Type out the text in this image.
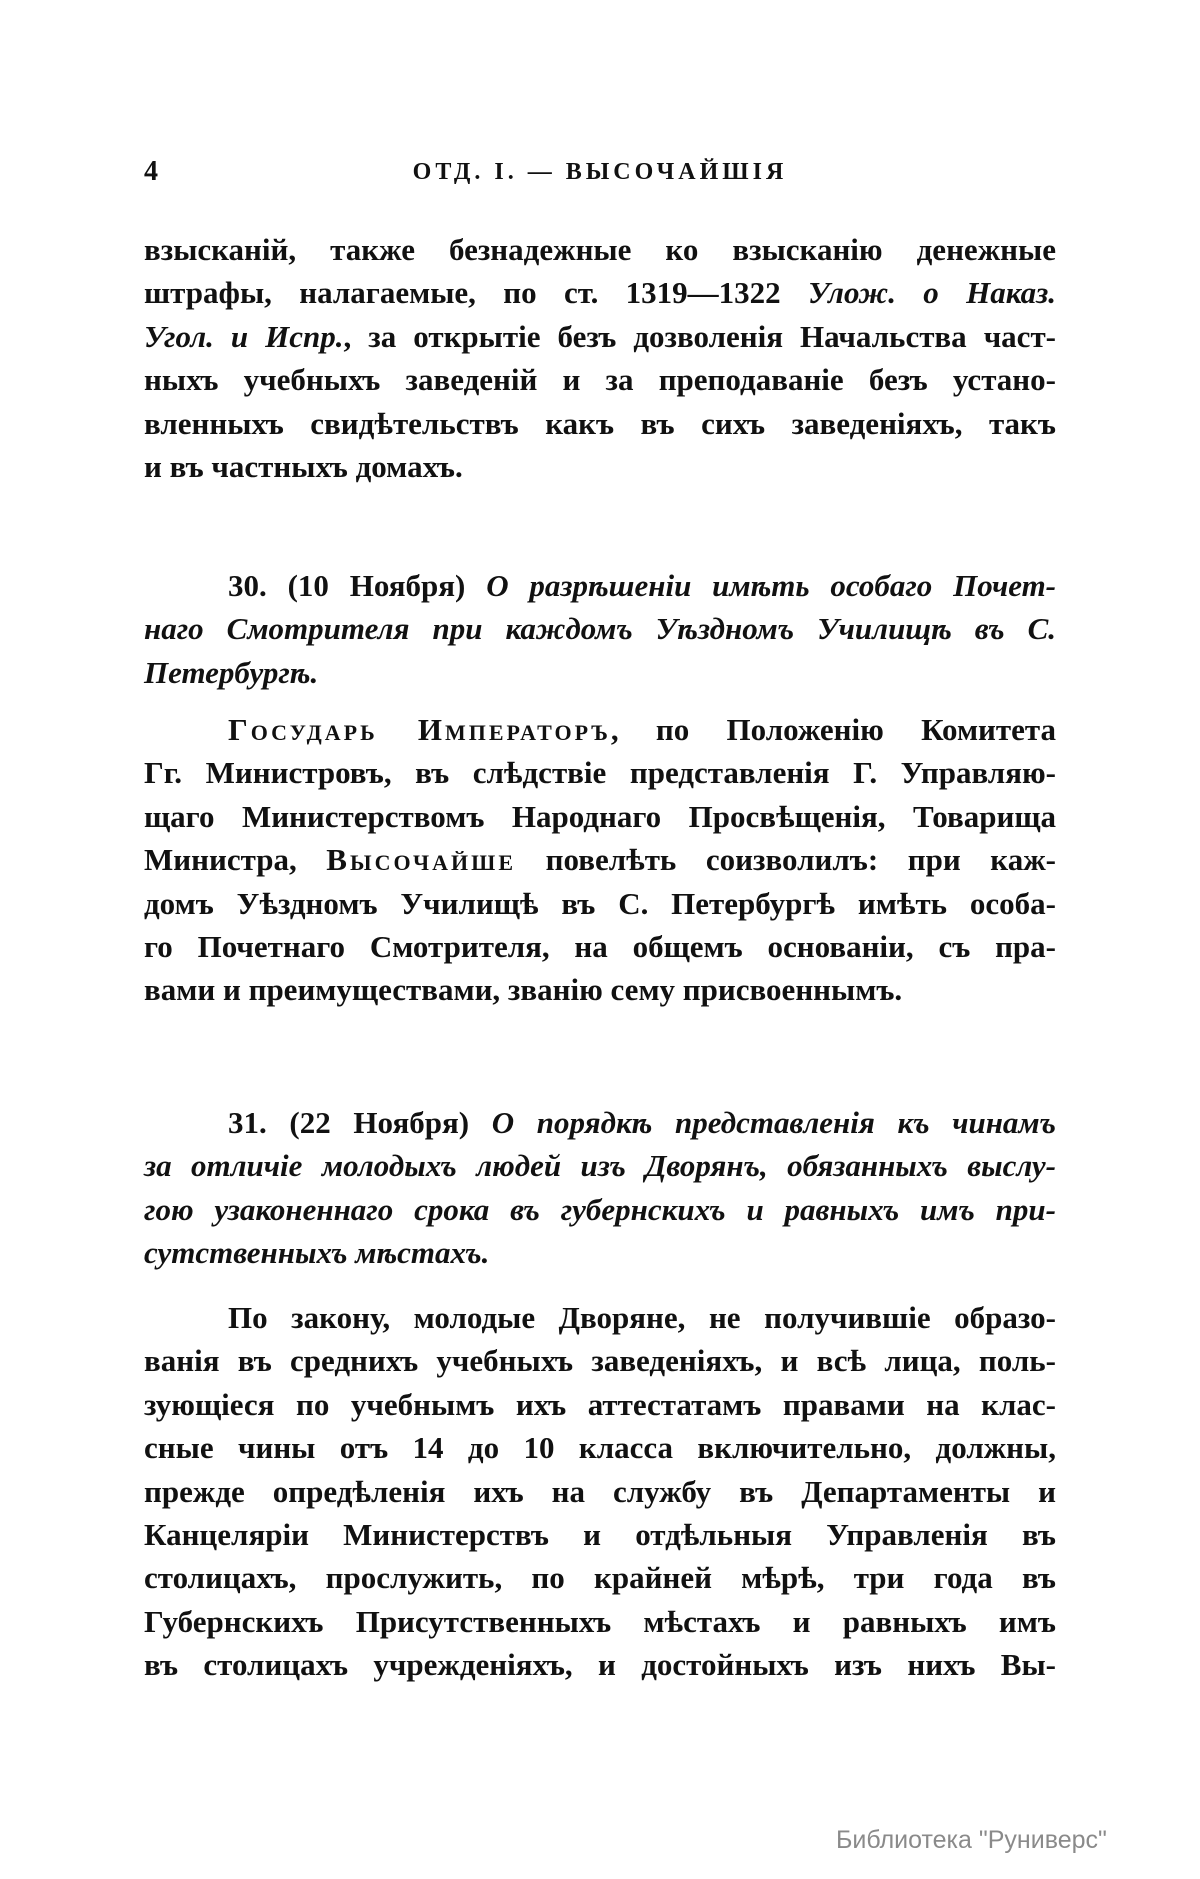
4	ОТД. I. — ВЫСОЧАЙШІЯ
взысканій, также безнадежные ко взысканію денежные
штрафы, налагаемые, по ст. 1319—1322 Улож. о Наказ.
Угол. и Испр., за открытіе безъ дозволенія Начальства част-
ныхъ учебныхъ заведеній и за преподаваніе безъ устано-
вленныхъ свидѣтельствъ какъ въ сихъ заведеніяхъ, такъ
и въ частныхъ домахъ.
30. (10 Ноября) О разрѣшеніи имѣть особаго Почет-
наго Смотрителя при каждомъ Уѣздномъ Училищѣ въ С.
Петербургѣ.
Государь Императоръ, по Положенію Комитета
Гг. Министровъ, въ слѣдствіе представленія Г. Управляю-
щаго Министерствомъ Народнаго Просвѣщенія, Товарища
Министра, Высочайше повелѣть соизволилъ: при каж-
домъ Уѣздномъ Училищѣ въ С. Петербургѣ имѣть особа-
го Почетнаго Смотрителя, на общемъ основаніи, съ пра-
вами и преимуществами, званію сему присвоеннымъ.
31. (22 Ноября) О порядкѣ представленія къ чинамъ
за отличіе молодыхъ людей изъ Дворянъ, обязанныхъ выслу-
гою узаконеннаго срока въ губернскихъ и равныхъ имъ при-
сутственныхъ мѣстахъ.
По закону, молодые Дворяне, не получившіе образо-
ванія въ среднихъ учебныхъ заведеніяхъ, и всѣ лица, поль-
зующіеся по учебнымъ ихъ аттестатамъ правами на клас-
сные чины отъ 14 до 10 класса включительно, должны,
прежде опредѣленія ихъ на службу въ Департаменты и
Канцеляріи Министерствъ и отдѣльныя Управленія въ
столицахъ, прослужить, по крайней мѣрѣ, три года въ
Губернскихъ Присутственныхъ мѣстахъ и равныхъ имъ
въ столицахъ учрежденіяхъ, и достойныхъ изъ нихъ Вы-
Библиотека "Руниверс"
